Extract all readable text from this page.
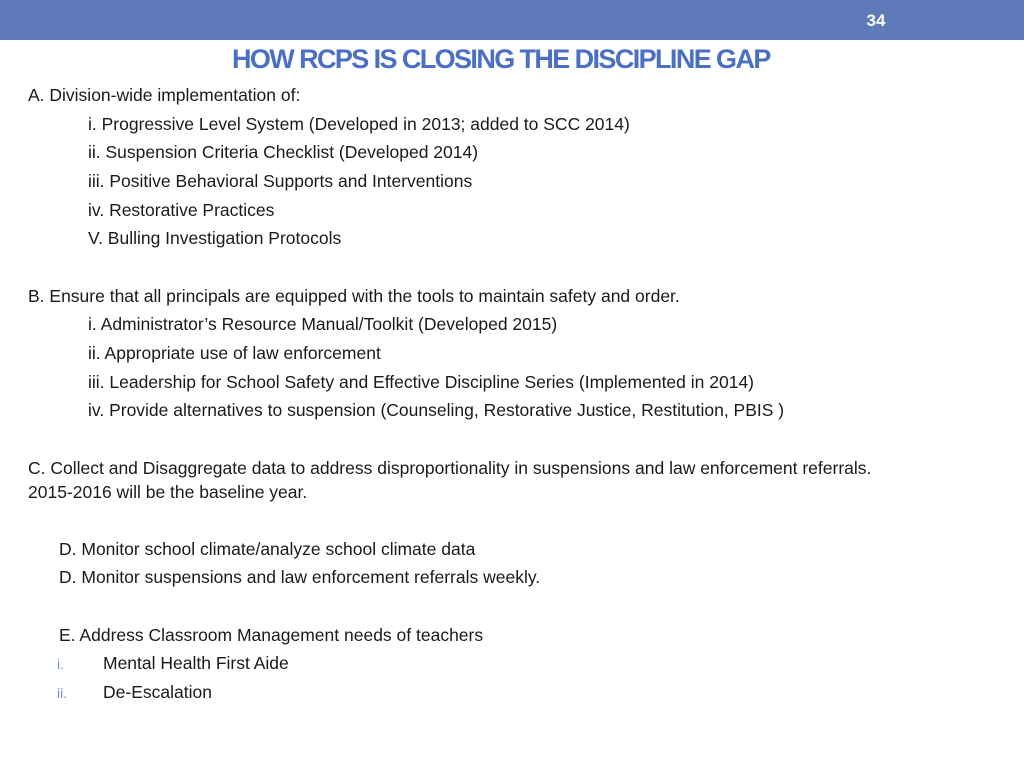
34
HOW RCPS IS CLOSING THE DISCIPLINE GAP
A. Division-wide implementation of:
i. Progressive Level System (Developed in 2013; added to SCC 2014)
ii. Suspension Criteria Checklist (Developed 2014)
iii. Positive Behavioral Supports and Interventions
iv. Restorative Practices
V. Bulling Investigation Protocols
B. Ensure that all principals are equipped with the tools to maintain safety and order.
i. Administrator’s Resource Manual/Toolkit (Developed 2015)
ii. Appropriate use of law enforcement
iii. Leadership for School Safety and Effective Discipline Series (Implemented in 2014)
iv. Provide alternatives to suspension (Counseling, Restorative Justice, Restitution, PBIS )
C. Collect and Disaggregate data to address disproportionality in suspensions and law enforcement referrals.
2015-2016 will be the baseline year.
D. Monitor school climate/analyze school climate data
D. Monitor suspensions and law enforcement referrals weekly.
E. Address Classroom Management needs of teachers
i. Mental Health First Aide
ii. De-Escalation
